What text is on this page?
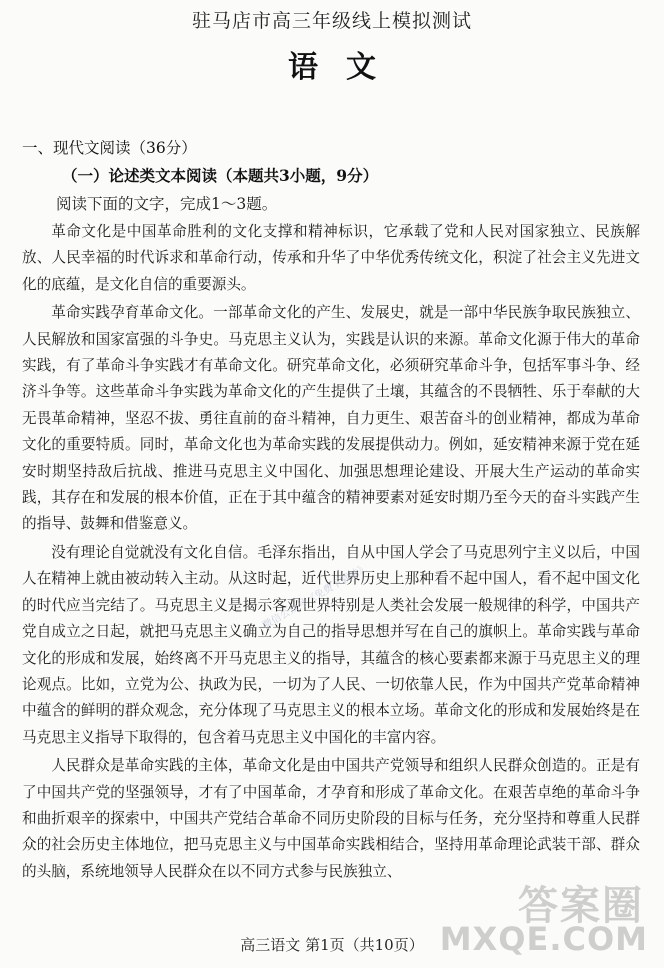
驻马店市高三年级线上模拟测试
语文
一、现代文阅读（36分）
（一）论述类文本阅读（本题共3小题，9分）
阅读下面的文字，完成1～3题。

革命文化是中国革命胜利的文化支撑和精神标识，它承载了党和人民对国家独立、民族解放、人民幸福的时代诉求和革命行动，传承和升华了中华优秀传统文化，积淀了社会主义先进文化的底蕴，是文化自信的重要源头。

革命实践孕育革命文化。一部革命文化的产生、发展史，就是一部中华民族争取民族独立、人民解放和国家富强的斗争史。马克思主义认为，实践是认识的来源。革命文化源于伟大的革命实践，有了革命斗争实践才有革命文化。研究革命文化，必须研究革命斗争，包括军事斗争、经济斗争等。这些革命斗争实践为革命文化的产生提供了土壤，其蕴含的不畏牺牲、乐于奉献的大无畏革命精神，坚忍不拔、勇往直前的奋斗精神，自力更生、艰苦奋斗的创业精神，都成为革命文化的重要特质。同时，革命文化也为革命实践的发展提供动力。例如，延安精神来源于党在延安时期坚持敌后抗战、推进马克思主义中国化、加强思想理论建设、开展大生产运动的革命实践，其存在和发展的根本价值，正在于其中蕴含的精神要素对延安时期乃至今天的奋斗实践产生的指导、鼓舞和借鉴意义。

没有理论自觉就没有文化自信。毛泽东指出，自从中国人学会了马克思列宁主义以后，中国人在精神上就由被动转入主动。从这时起，近代世界历史上那种看不起中国人，看不起中国文化的时代应当完结了。马克思主义是揭示客观世界特别是人类社会发展一般规律的科学，中国共产党自成立之日起，就把马克思主义确立为自己的指导思想并写在自己的旗帜上。革命实践与革命文化的形成和发展，始终离不开马克思主义的指导，其蕴含的核心要素都来源于马克思主义的理论观点。比如，立党为公、执政为民，一切为了人民、一切依靠人民，作为中国共产党革命精神中蕴含的鲜明的群众观念，充分体现了马克思主义的根本立场。革命文化的形成和发展始终是在马克思主义指导下取得的，包含着马克思主义中国化的丰富内容。

人民群众是革命实践的主体，革命文化是由中国共产党领导和组织人民群众创造的。正是有了中国共产党的坚强领导，才有了中国革命，才孕育和形成了革命文化。在艰苦卓绝的革命斗争和曲折艰辛的探索中，中国共产党结合革命不同历史阶段的目标与任务，充分坚持和尊重人民群众的社会历史主体地位，把马克思主义与中国革命实践相结合，坚持用革命理论武装干部、群众的头脑，系统地领导人民群众在以不同方式参与民族独立、

微信公众号《免费下载站》
高三语文 第1页（共10页）
答案圈
MXQE.COM
